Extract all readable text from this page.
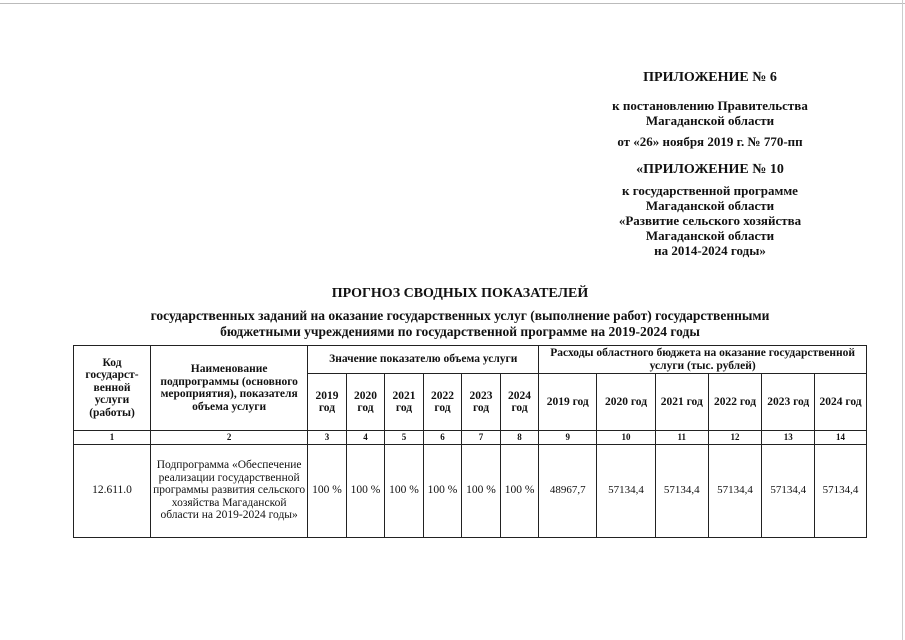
ПРИЛОЖЕНИЕ № 6
к постановлению Правительства
Магаданской области
от «26» ноября 2019 г. № 770-пп
«ПРИЛОЖЕНИЕ № 10
к государственной программе
Магаданской области
«Развитие сельского хозяйства
Магаданской области
на 2014-2024 годы»
ПРОГНОЗ СВОДНЫХ ПОКАЗАТЕЛЕЙ
государственных заданий на оказание государственных услуг (выполнение работ) государственными
бюджетными учреждениями по государственной программе на 2019-2024 годы
Код государст-венной услуги (работы)	Наименование подпрограммы (основного мероприятия), показателя объема услуги	Значение показателю объема услуги						Расходы областного бюджета на оказание государственной услуги (тыс. рублей)					
		2019 год	2020 год	2021 год	2022 год	2023 год	2024 год	2019 год	2020 год	2021 год	2022 год	2023 год	2024 год
1	2	3	4	5	6	7	8	9	10	11	12	13	14
12.611.0	Подпрограмма «Обеспечение реализации государственной программы развития сельского хозяйства Магаданской области на 2019-2024 годы»	100 %	100 %	100 %	100 %	100 %	100 %	48967,7	57134,4	57134,4	57134,4	57134,4	57134,4
